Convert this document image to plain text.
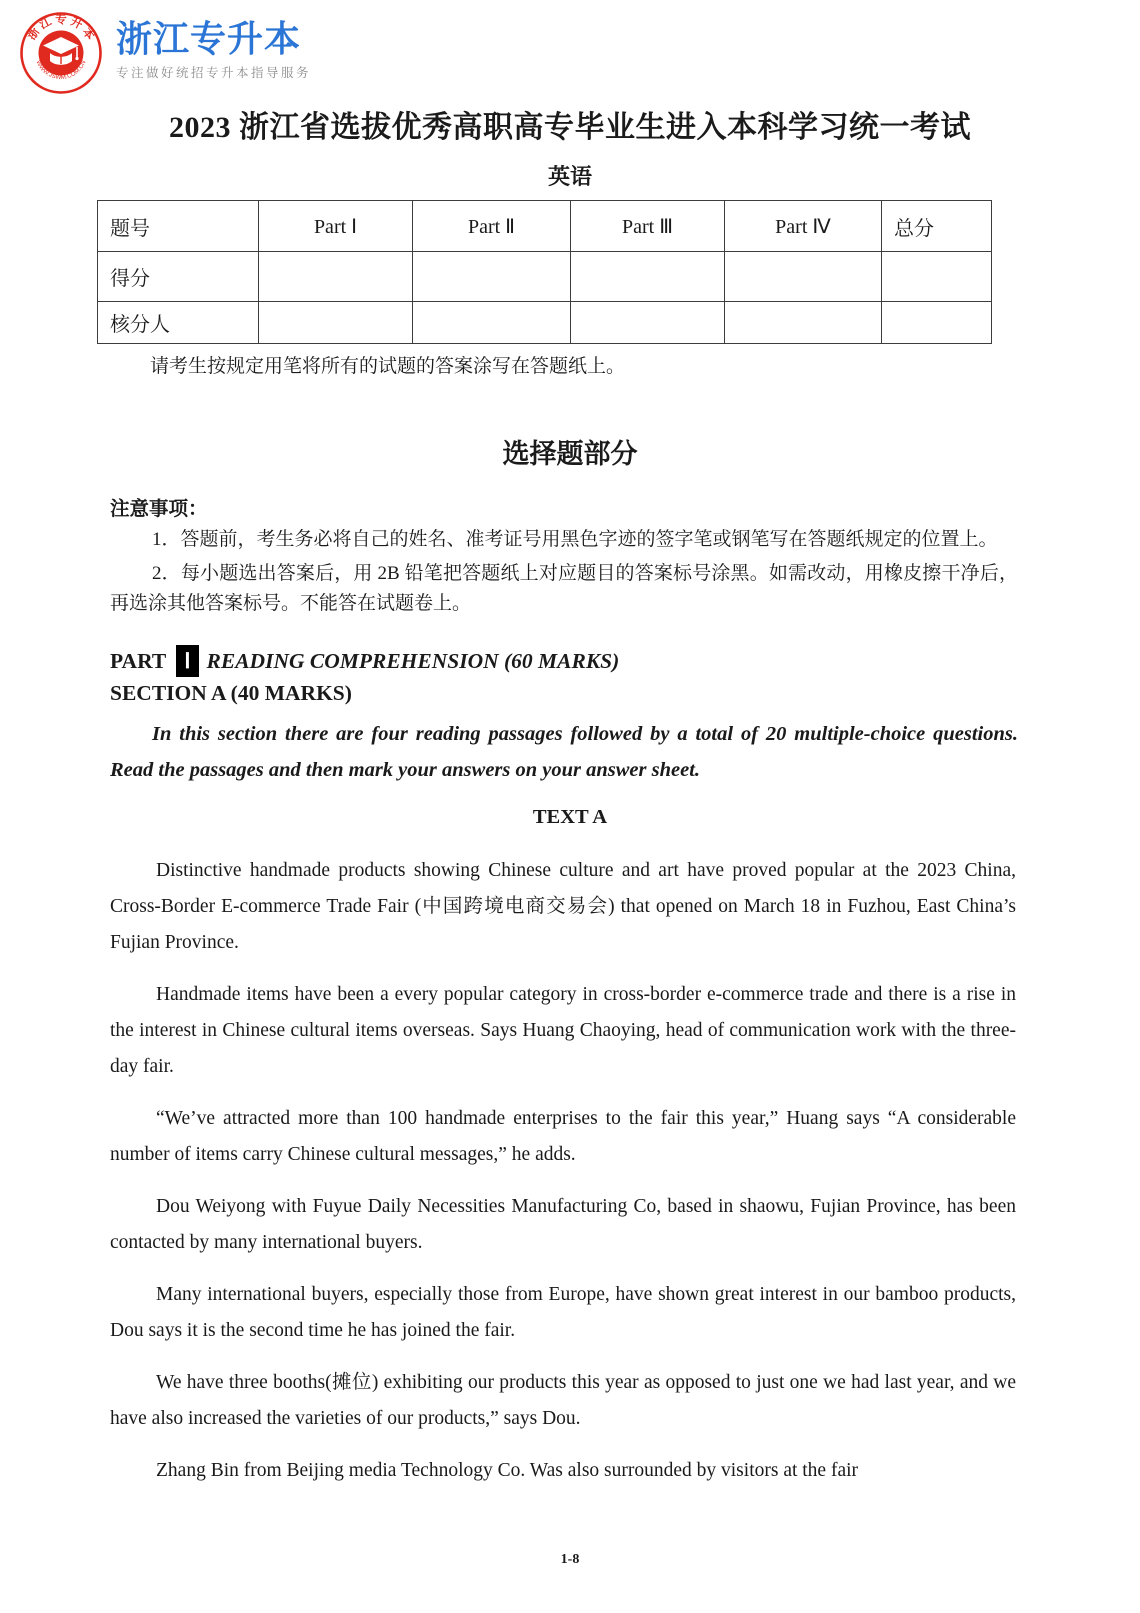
浙 江 专 升 本
WWW.JSWM.COM.CN
浙江专升本
专注做好统招专升本指导服务
2023 浙江省选拔优秀高职高专毕业生进入本科学习统一考试
英语
题号	Part Ⅰ	Part Ⅱ	Part Ⅲ	Part Ⅳ	总分
得分					
核分人					
请考生按规定用笔将所有的试题的答案涂写在答题纸上。
选择题部分
注意事项：

1．答题前，考生务必将自己的姓名、准考证号用黑色字迹的签字笔或钢笔写在答题纸规定的位置上。

2．每小题选出答案后，用 2B 铅笔把答题纸上对应题目的答案标号涂黑。如需改动，用橡皮擦干净后，再选涂其他答案标号。不能答在试题卷上。

PART Ⅰ READING COMPREHENSION (60 MARKS)
SECTION A (40 MARKS)

In this section there are four reading passages followed by a total of 20 multiple-choice questions. Read the passages and then mark your answers on your answer sheet.

TEXT A

Distinctive handmade products showing Chinese culture and art have proved popular at the 2023 China, Cross-Border E-commerce Trade Fair (中国跨境电商交易会) that opened on March 18 in Fuzhou, East China’s Fujian Province.

Handmade items have been a every popular category in cross-border e-commerce trade and there is a rise in the interest in Chinese cultural items overseas. Says Huang Chaoying, head of communication work with the three-day fair.

“We’ve attracted more than 100 handmade enterprises to the fair this year,” Huang says “A considerable number of items carry Chinese cultural messages,” he adds.

Dou Weiyong with Fuyue Daily Necessities Manufacturing Co, based in shaowu, Fujian Province, has been contacted by many international buyers.

Many international buyers, especially those from Europe, have shown great interest in our bamboo products, Dou says it is the second time he has joined the fair.

We have three booths(摊位) exhibiting our products this year as opposed to just one we had last year, and we have also increased the varieties of our products,” says Dou.

Zhang Bin from Beijing media Technology Co. Was also surrounded by visitors at the fair

1-8
